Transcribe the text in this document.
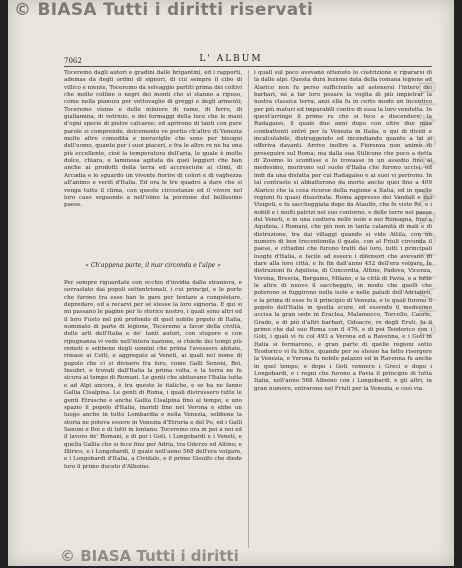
BIASA ARCHIVIO
7062	L' ALBUM

Toceremo dagli autori e gradini dalle brigantini, ed i rapporti, ademas da degli ordini di signori, di cui sempre il cibo di villico e niente, Toceremo da selvaggio partiti prima dei coltivi che molte colline o negri dei monti che si stanno a riposo, come nella pianura per vettovaglie di greggi e degli armenti; Toceremo visine e delle miniere di rame, di ferro, di giallamina, di vetriolo, e dei formaggi della luce che le mani d'ogni specie di pietre calcaree; ed aprirono di tanti con pure parole si comprende, dolcemente ve portio ch'altro di Venezia molte altre comodità e meraviglie che sono per bisogni dell'uomo, quanto per i suoi piaceri, e fra le altre re ne ha una più eccellente, cioè la temperatura dell'aria, le quale è molto dolce, chiara, e laminosa agitata da quei leggieri che han anche ai prodotti della terra ed accresciute ai climi, di Arcadia e lo sguardo un vivente fiorire di colori e di vaghezza all'animo e verdi d'Italia. Ed ora le tre quadro a dare che si venga tutto il clima, con queste circostanze ed il vivere nel loro caso seguendo a nell'olmo la porzione del bellissimo paese.

« Ch'appena parte, il mar circonda e l'alpe »

Per sempre riguardate con occhio d'invidia dalla straniera, e sovrastato dai popoli settentrionali, i cui principi, e le porte che furono tra esse han le gare per tentare a conquistare, depredare, ed a recarvi per sé stesse la loro signoria. E qui si mi passano le pagine per lo storico nostro, i quali sono altri ed il loro Fusto nel più profondo di quel nobile popolo di Italia, nominato di parte di legione, Toceremo a favor della civiltà, delle arti dell'Italia e de' tanti autori, con stupore e con ripugnanza vi vede nell'intera nazione, si chiede dei tempi più remoti e sebbene degli uomini che prima l'avessero abitate, rimase ai Celti, e aggregato ai Veneti, ai quali nel nome di popolo che ci si divisero fra loro, come Galli Senoni, Boi, Insubri, e trovati dall'Italia la prima volta, e la terra ne fu sicura al tempo di Romani. Le genti che abitavano l'Italia tutta e ad Alpi ancora, è tra queste le italiche, e se ha ne fanno Gallia Cisalpina. Le genti di Roma, i quali distrussero tutte le genti Etrusche e anche Gallia Cisalpina fino al tempo, e uno spazio il popolo d'Italia, inaridi fino nel Verona e ebbe un luogo anche in tutto Lombardia e nella Venezia, sebbene la storia ne poteva essere in Venezia d'Etruria e del Po, ed i Galli Senoni e Boi e di tutti in lontano. Toceremo ora in poi a noi ed il lavoro de' Romani, e di poi i Goti, i Longobardi e i Veneti, e quella Gallia che si fece fino per Adria, tra Oderzo ed Altino; e Illirico, e i Longobardi, il quale nell'anno 568 dell'era volgare, e i Longobardi d'Italia, a Cividale, e il primo Gisulfo che diede loro il primo ducato d'Alboino.

i quali sul poco avevano ottenuto lo costrizione e ripararsi di là dalle alpi. Questa dura lezione data della romana legione ad Alarico non fu perso sufficiente ad astenersi l'intero dei barbari, né a far loro posare la voglia di più impietrar la nostra classica terra; anzi ella fu in certo modo un incentivo per più maturi ed imparabili contro di essa la loro vendetta. In quest'arringo il primo re che si fece a discendere, la Radagaiso, il quale due anni dopo con oltre due mila combattenti entrò per la Venezia in Italia, e qui di dividi e incalcolabile, distruggendo ed incendiando quanto a lui si offeriva davanti. Arrivo inoltre a Fiorenza non animo di proseguire sul Roma; ma dalla sua Stilicone che poco a detta di Zosimo lo sconfisse e lo trovasse in un assedio fino al medesimo, morirono sul suolo d'Italia che furono uccisi, ed indi da una disfatta per cui Radagaiso e ai suoi vi perirono. In tal contrasto si abbatterono da morte anche quei fino a 409 Alarico che la cosa ricorse della ragione a Italia, ed in quelle regioni fu quasi disastrata. Roma appresso dei Vandali e dei Visigoti, e fu saccheggiata dopo da Ataulfo, che fu visto Re, e i nobili e i molti patrizi nel suo contorno, e delle terre nel paese dei Veneti, e in una costiera nelle isole e nei Romagna, fino a Aquileia, i Romani, che più non in tanta calamità di mali e di distruzione, tra dai villaggi quando si vide Attila, con un numero di ben trecentomila il quale, con al Friuli circonda il paese, e cittadini che furono tratti dai loro, tutti i principali luoghi d'Italia, e facile ad essere i difensori che avevano di dare alla loro città, e fu fin dall'anno 452 dell'era volgare, le distruzioni fu Aquileia, di Concordia, Altino, Padova, Vicenza, Verona, Brescia, Bergamo, Milano, e la città di Pavia, e a tutte le altre di nuovo il saccheggio, in modo che quelli che poterono si fuggirono nelle isole e nelle paludi dell'Adriatico, e la prima di esse fu il principio di Venezia, e le quali furono il popolo dell'Italia in quella scure, ed essendo il medesimo uccisa la gran sede in Eraclea, Malamocco, Torcello, Caorle, Grado, e di più d'altri barbari, Odoacre, re degli Eruli, fu il primo che dal suo Roma con il 476, e di poi Teodorico con i Goti, i quali vi fu col 493 a Verona ed a Ravenna, e i Goti in Italia si fermarono, e gran parte di quelle regioni sotto Teodorico vi fu felice, quando per se stesso ha fatto risorgere la Venezia, e Verona fu nobile palazzo ed in Ravenna fu anche in quel tempo, e dopo i Goti vennero i Greci e dopo i Longobardi, e i regni che furono a Pavia il principio di tutta Italia, nell'anno 568 Alboino con i Longobardi, e gli altri, in gran numero, entrarono nel Friuli per la Venezia, e così via.

© BIASA Tutti i diritti riservati
© BIASA Tutti i diritti
